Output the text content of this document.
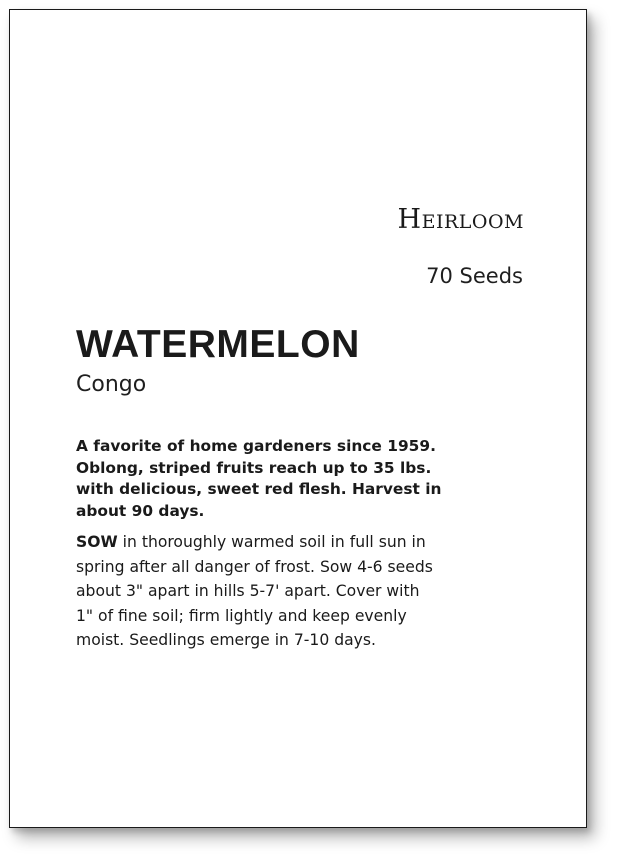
Heirloom
70 Seeds
WATERMELON
Congo
A favorite of home gardeners since 1959.
Oblong, striped fruits reach up to 35 lbs.
with delicious, sweet red flesh. Harvest in
about 90 days.
SOW in thoroughly warmed soil in full sun in
spring after all danger of frost. Sow 4-6 seeds
about 3" apart in hills 5-7' apart. Cover with
1" of fine soil; firm lightly and keep evenly
moist. Seedlings emerge in 7-10 days.
